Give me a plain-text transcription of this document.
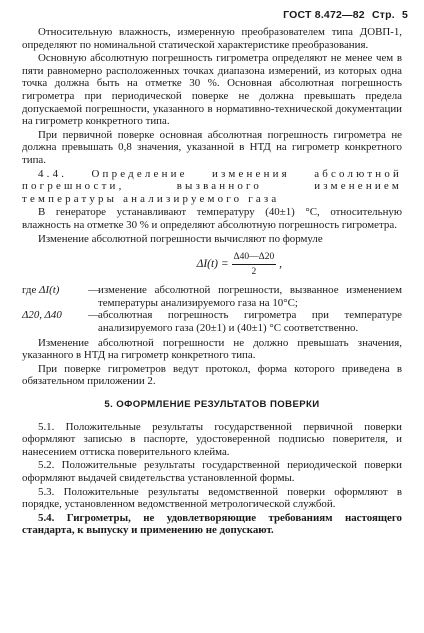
ГОСТ 8.472—82 Стр. 5

Относительную влажность, измеренную преобразователем типа ДОВП-1, определяют по номинальной статической характеристике преобразования.

Основную абсолютную погрешность гигрометра определяют не менее чем в пяти равномерно расположенных точках диапазона измерений, из которых одна точка должна быть на отметке 30 %. Основная абсолютная погрешность гигрометра при периодической поверке не должна превышать предела допускаемой погрешности, указанного в нормативно-технической документации на гигрометр конкретного типа.

При первичной поверке основная абсолютная погрешность гигрометра не должна превышать 0,8 значения, указанной в НТД на гигрометр конкретного типа.

4.4. Определение изменения абсолютной погрешности, вызванного изменением температуры анализируемого газа

В генераторе устанавливают температуру (40±1) °С, относительную влажность на отметке 30 % и определяют абсолютную погрешность гигрометра.

Изменение абсолютной погрешности вычисляют по формуле

$\Delta I(t) = \frac{\Delta 40—\Delta 20}{2}$ ,
где ΔI(t)	— изменение абсолютной погрешности, вызванное изменением температуры анализируемого газа на 10°С;
Δ20, Δ40	— абсолютная погрешность гигрометра при температуре анализируемого газа (20±1) и (40±1) °С соответственно.

Изменение абсолютной погрешности не должно превышать значения, указанного в НТД на гигрометр конкретного типа.

При поверке гигрометров ведут протокол, форма которого приведена в обязательном приложении 2.

5. ОФОРМЛЕНИЕ РЕЗУЛЬТАТОВ ПОВЕРКИ

5.1. Положительные результаты государственной первичной поверки оформляют записью в паспорте, удостоверенной подписью поверителя, и нанесением оттиска поверительного клейма.

5.2. Положительные результаты государственной периодической поверки оформляют выдачей свидетельства установленной формы.

5.3. Положительные результаты ведомственной поверки оформляют в порядке, установленном ведомственной метрологической службой.

5.4. Гигрометры, не удовлетворяющие требованиям настоящего стандарта, к выпуску и применению не допускают.
